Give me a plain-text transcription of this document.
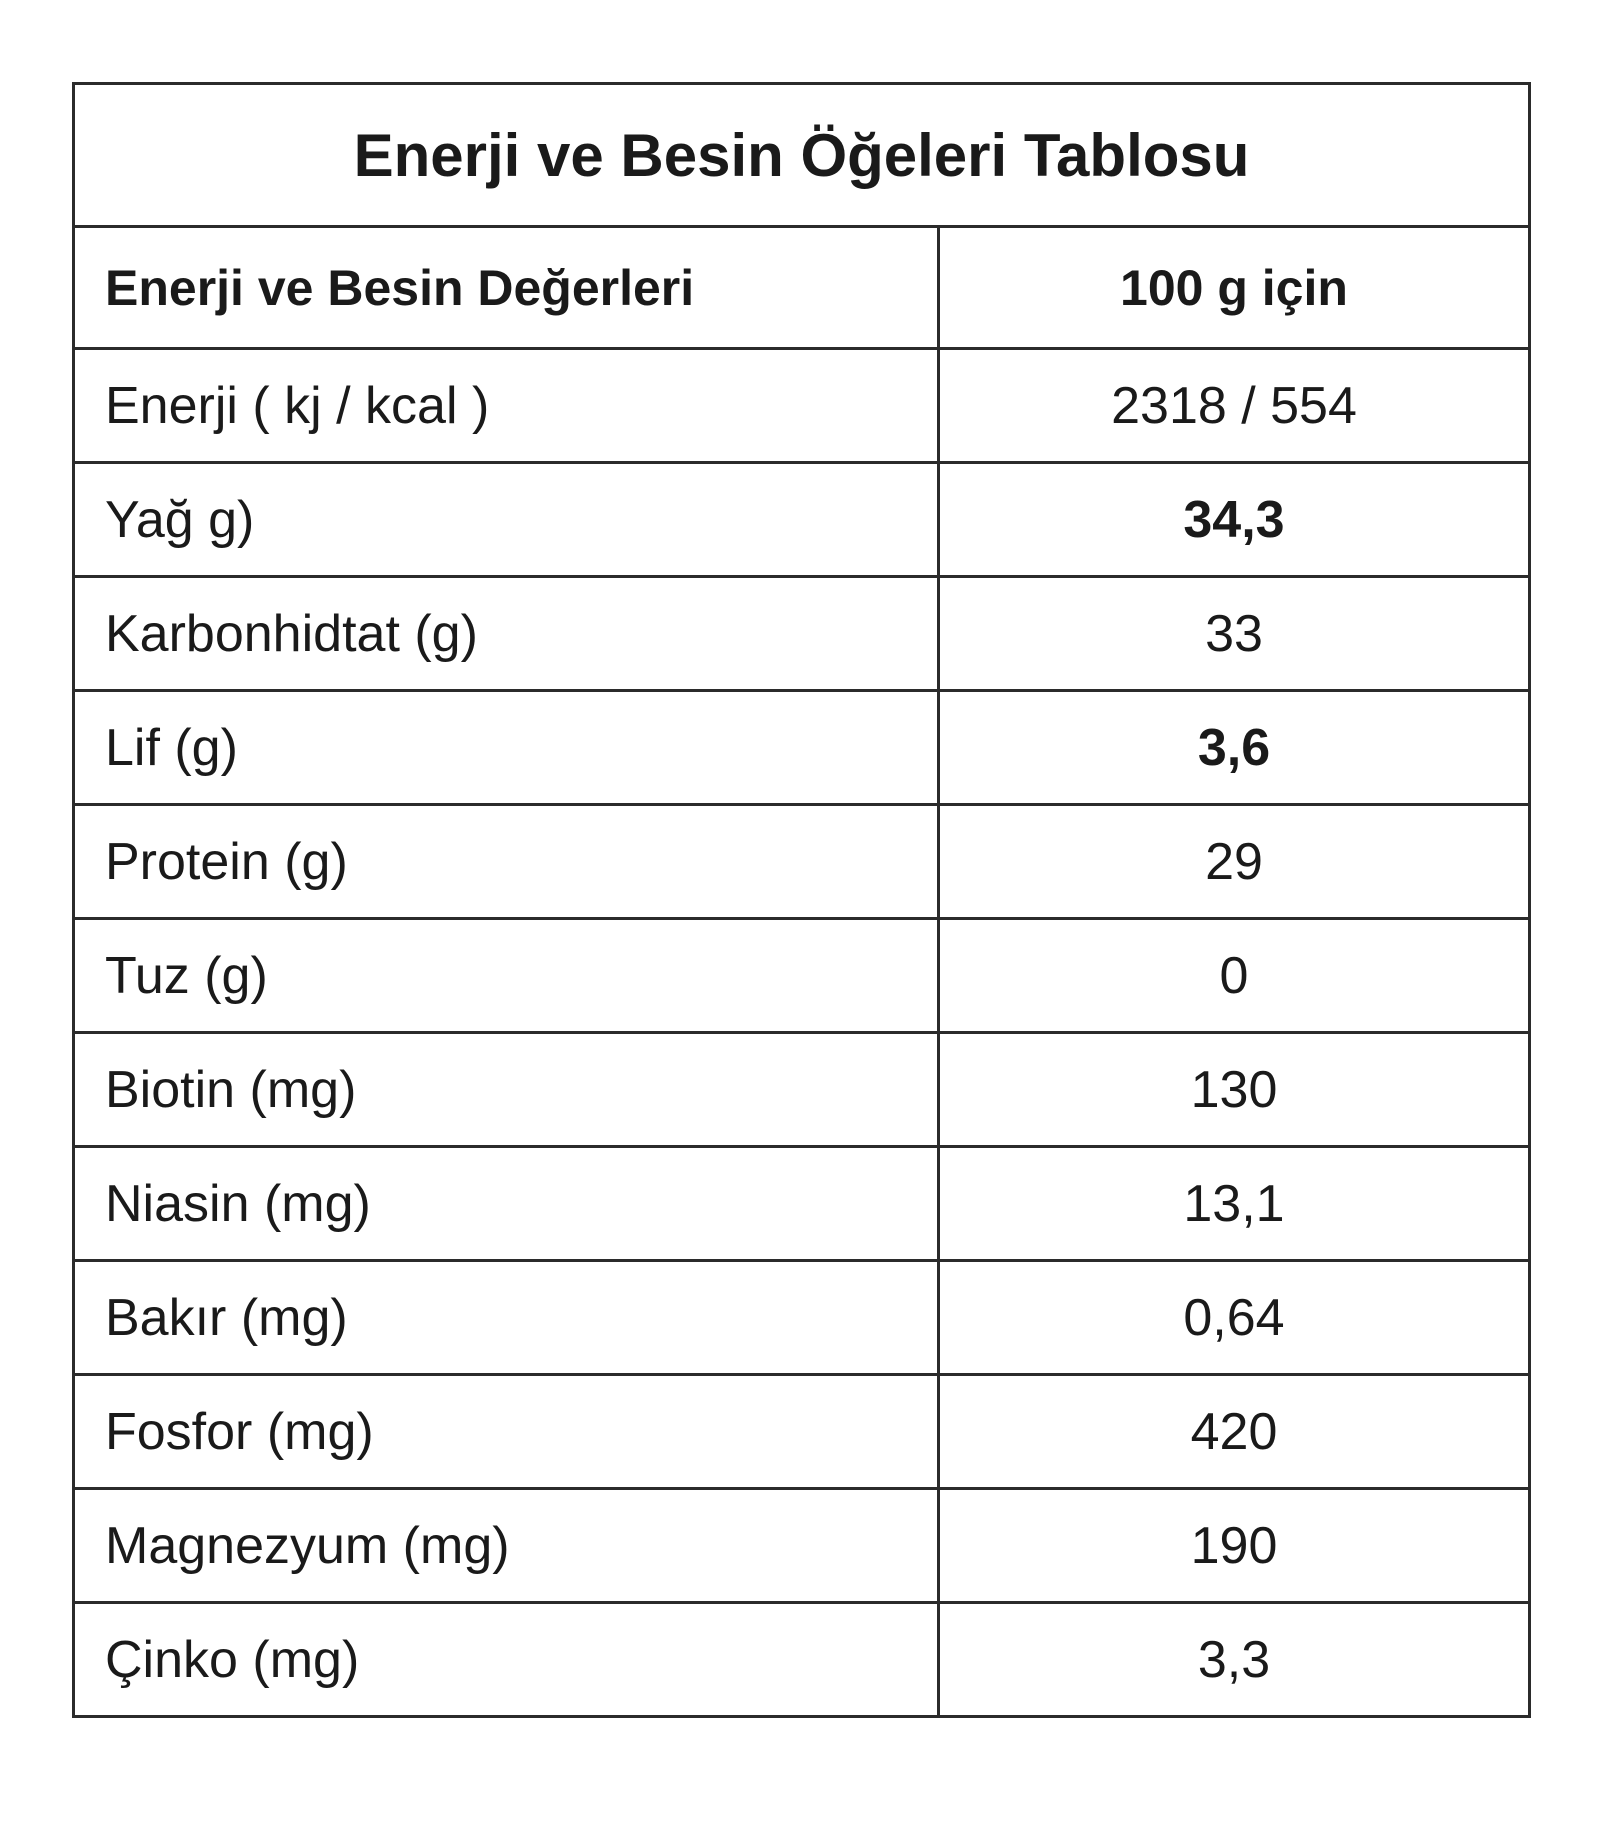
Enerji ve Besin Öğeleri Tablosu	
Enerji ve Besin Değerleri	100 g için
Enerji ( kj / kcal )	2318 / 554
Yağ g)	34,3
Karbonhidtat (g)	33
Lif (g)	3,6
Protein (g)	29
Tuz (g)	0
Biotin (mg)	130
Niasin (mg)	13,1
Bakır (mg)	0,64
Fosfor (mg)	420
Magnezyum (mg)	190
Çinko (mg)	3,3
